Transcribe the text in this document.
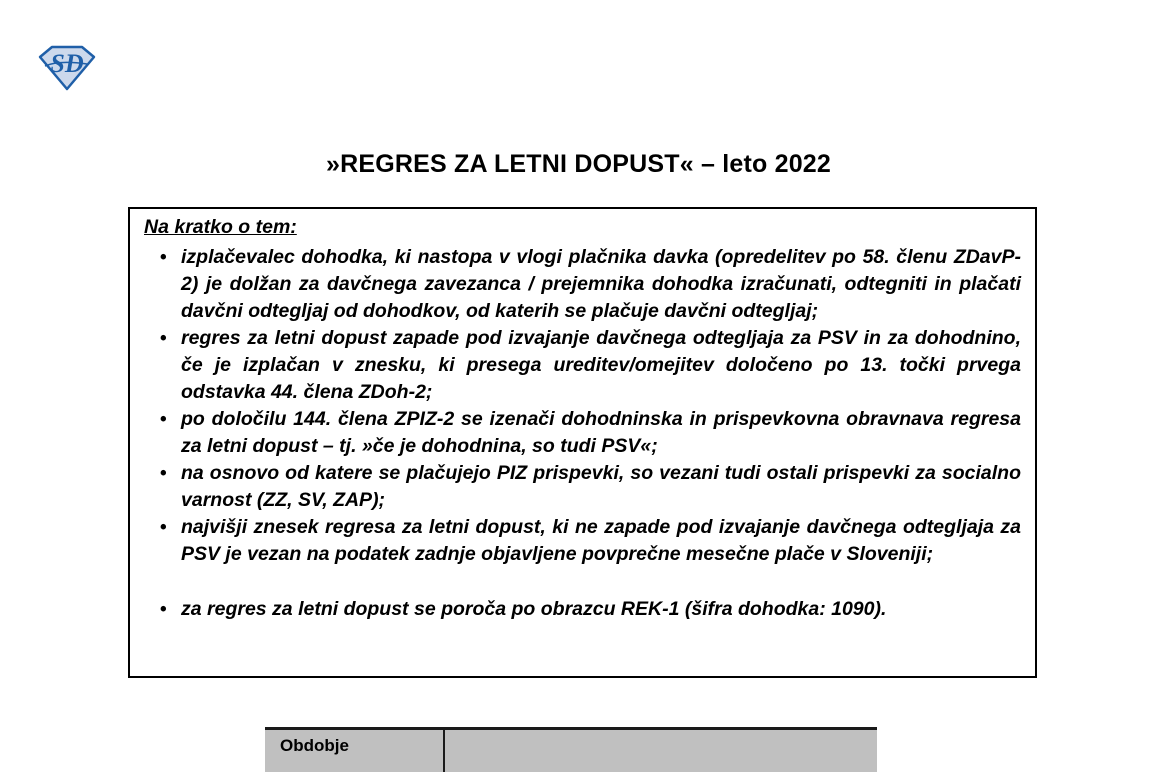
SD
»REGRES ZA LETNI DOPUST« – leto 2022
Na kratko o tem:
• izplačevalec dohodka, ki nastopa v vlogi plačnika davka (opredelitev po 58. členu ZDavP-2) je dolžan za davčnega zavezanca / prejemnika dohodka izračunati, odtegniti in plačati davčni odtegljaj od dohodkov, od katerih se plačuje davčni odtegljaj;
• regres za letni dopust zapade pod izvajanje davčnega odtegljaja za PSV in za dohodnino, če je izplačan v znesku, ki presega ureditev/omejitev določeno po 13. točki prvega odstavka 44. člena ZDoh-2;
• po določilu 144. člena ZPIZ-2 se izenači dohodninska in prispevkovna obravnava regresa za letni dopust – tj. »če je dohodnina, so tudi PSV«;
• na osnovo od katere se plačujejo PIZ prispevki, so vezani tudi ostali prispevki za socialno varnost (ZZ, SV, ZAP);
• najvišji znesek regresa za letni dopust, ki ne zapade pod izvajanje davčnega odtegljaja za PSV je vezan na podatek zadnje objavljene povprečne mesečne plače v Sloveniji;
• za regres za letni dopust se poroča po obrazcu REK-1 (šifra dohodka: 1090).
Obdobje
